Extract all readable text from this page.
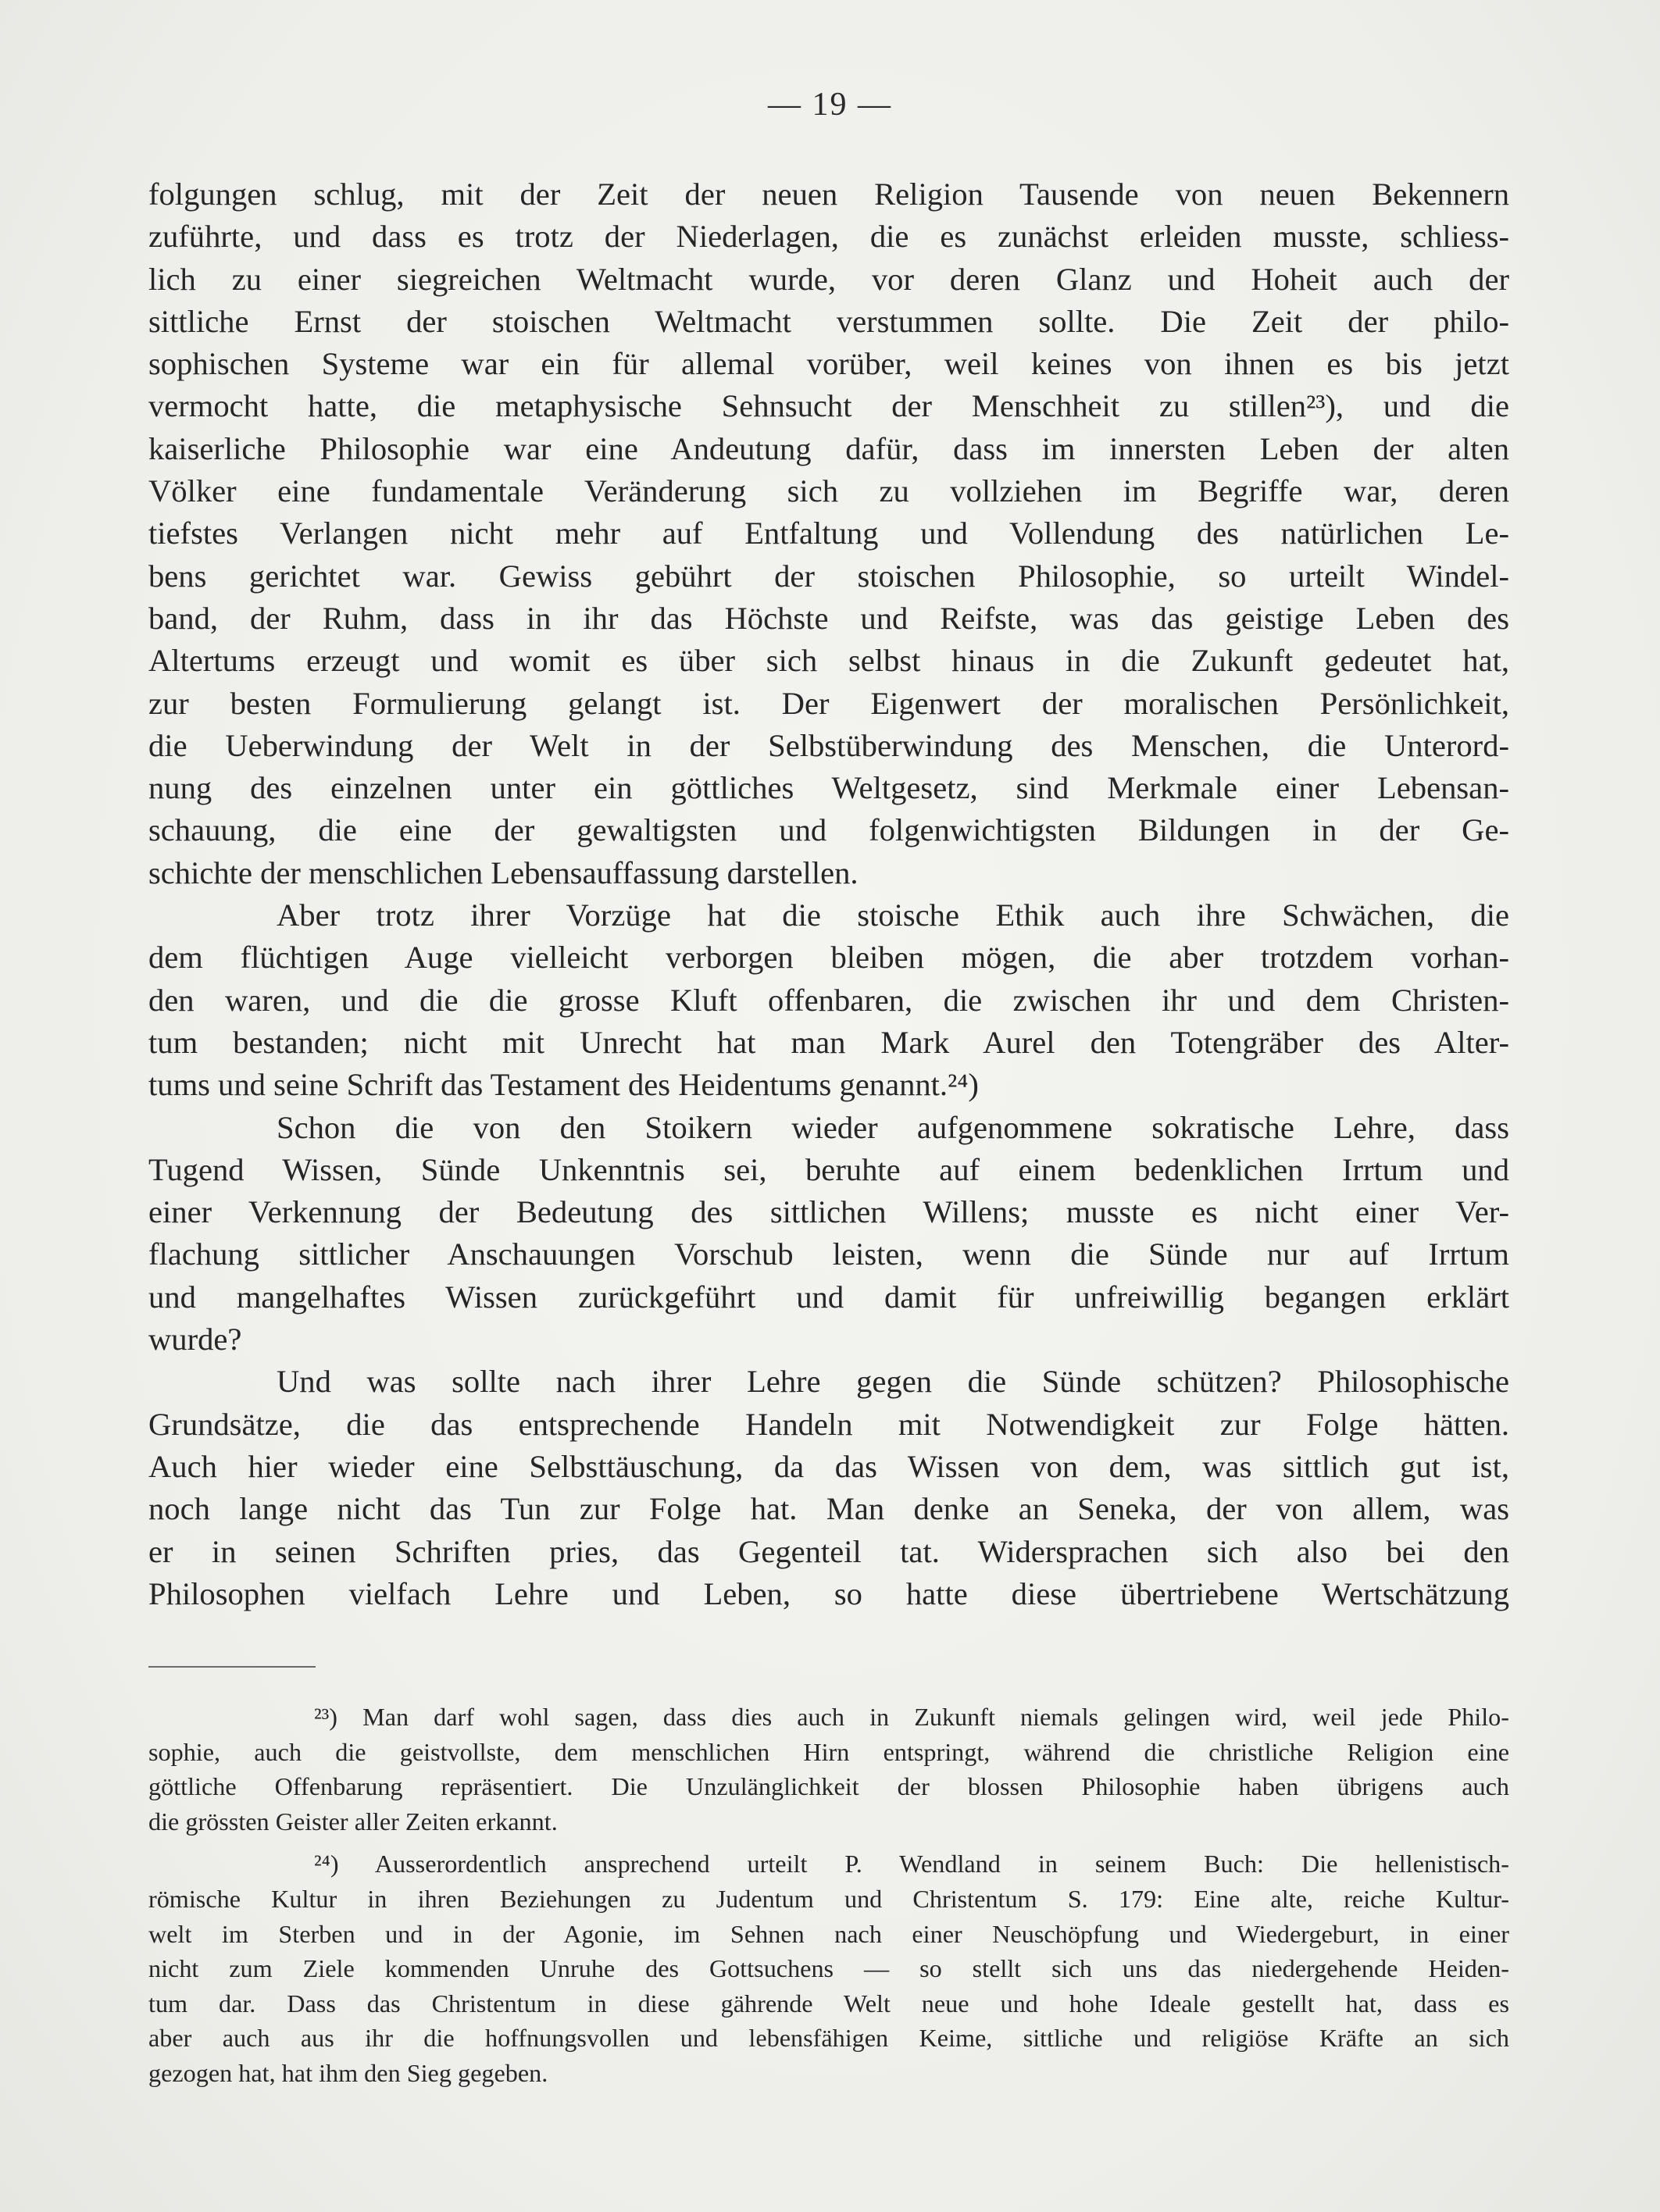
— 19 —
folgungen schlug, mit der Zeit der neuen Religion Tausende von neuen Bekennern
zuführte, und dass es trotz der Niederlagen, die es zunächst erleiden musste, schliess-
lich zu einer siegreichen Weltmacht wurde, vor deren Glanz und Hoheit auch der
sittliche Ernst der stoischen Weltmacht verstummen sollte. Die Zeit der philo-
sophischen Systeme war ein für allemal vorüber, weil keines von ihnen es bis jetzt
vermocht hatte, die metaphysische Sehnsucht der Menschheit zu stillen²³), und die
kaiserliche Philosophie war eine Andeutung dafür, dass im innersten Leben der alten
Völker eine fundamentale Veränderung sich zu vollziehen im Begriffe war, deren
tiefstes Verlangen nicht mehr auf Entfaltung und Vollendung des natürlichen Le-
bens gerichtet war. Gewiss gebührt der stoischen Philosophie, so urteilt Windel-
band, der Ruhm, dass in ihr das Höchste und Reifste, was das geistige Leben des
Altertums erzeugt und womit es über sich selbst hinaus in die Zukunft gedeutet hat,
zur besten Formulierung gelangt ist. Der Eigenwert der moralischen Persönlichkeit,
die Ueberwindung der Welt in der Selbstüberwindung des Menschen, die Unterord-
nung des einzelnen unter ein göttliches Weltgesetz, sind Merkmale einer Lebensan-
schauung, die eine der gewaltigsten und folgenwichtigsten Bildungen in der Ge-
schichte der menschlichen Lebensauffassung darstellen.
Aber trotz ihrer Vorzüge hat die stoische Ethik auch ihre Schwächen, die
dem flüchtigen Auge vielleicht verborgen bleiben mögen, die aber trotzdem vorhan-
den waren, und die die grosse Kluft offenbaren, die zwischen ihr und dem Christen-
tum bestanden; nicht mit Unrecht hat man Mark Aurel den Totengräber des Alter-
tums und seine Schrift das Testament des Heidentums genannt.²⁴)
Schon die von den Stoikern wieder aufgenommene sokratische Lehre, dass
Tugend Wissen, Sünde Unkenntnis sei, beruhte auf einem bedenklichen Irrtum und
einer Verkennung der Bedeutung des sittlichen Willens; musste es nicht einer Ver-
flachung sittlicher Anschauungen Vorschub leisten, wenn die Sünde nur auf Irrtum
und mangelhaftes Wissen zurückgeführt und damit für unfreiwillig begangen erklärt
wurde?
Und was sollte nach ihrer Lehre gegen die Sünde schützen? Philosophische
Grundsätze, die das entsprechende Handeln mit Notwendigkeit zur Folge hätten.
Auch hier wieder eine Selbsttäuschung, da das Wissen von dem, was sittlich gut ist,
noch lange nicht das Tun zur Folge hat. Man denke an Seneka, der von allem, was
er in seinen Schriften pries, das Gegenteil tat. Widersprachen sich also bei den
Philosophen vielfach Lehre und Leben, so hatte diese übertriebene Wertschätzung
²³) Man darf wohl sagen, dass dies auch in Zukunft niemals gelingen wird, weil jede Philo-
sophie, auch die geistvollste, dem menschlichen Hirn entspringt, während die christliche Religion eine
göttliche Offenbarung repräsentiert. Die Unzulänglichkeit der blossen Philosophie haben übrigens auch
die grössten Geister aller Zeiten erkannt.
²⁴) Ausserordentlich ansprechend urteilt P. Wendland in seinem Buch: Die hellenistisch-
römische Kultur in ihren Beziehungen zu Judentum und Christentum S. 179: Eine alte, reiche Kultur-
welt im Sterben und in der Agonie, im Sehnen nach einer Neuschöpfung und Wiedergeburt, in einer
nicht zum Ziele kommenden Unruhe des Gottsuchens — so stellt sich uns das niedergehende Heiden-
tum dar. Dass das Christentum in diese gährende Welt neue und hohe Ideale gestellt hat, dass es
aber auch aus ihr die hoffnungsvollen und lebensfähigen Keime, sittliche und religiöse Kräfte an sich
gezogen hat, hat ihm den Sieg gegeben.
